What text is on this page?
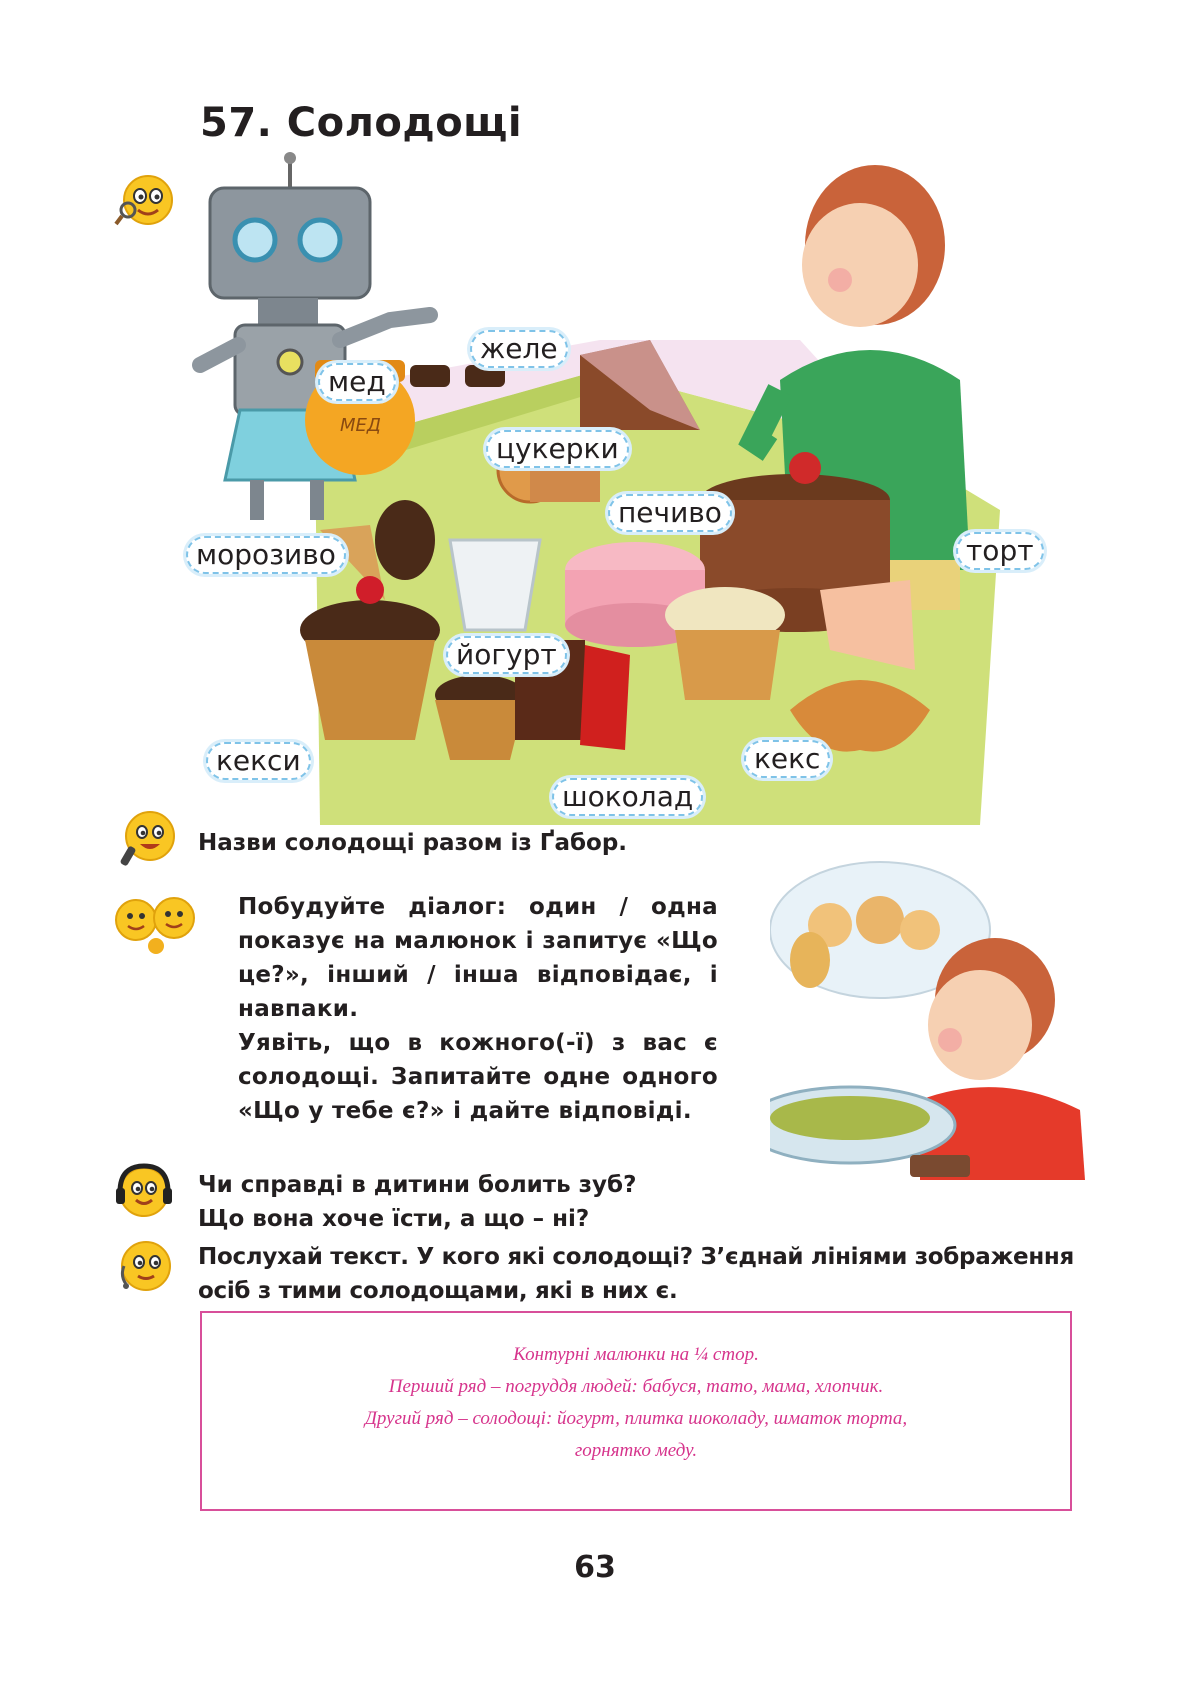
57. Солодощі
МЕД
желе
мед
цукерки
печиво
морозиво	торт
йогурт
кекси	кекс
шоколад
Назви солодощі разом із Ґабор.

Побудуйте діалог: один / одна показує на малюнок і запитує «Що це?», інший / інша відповідає, і навпаки.

Уявіть, що в кожного(-ї) з вас є солодощі. Запитайте одне одного «Що у тебе є?» і дайте відповіді.

Чи справді в дитини болить зуб?
Що вона хоче їсти, а що – ні?
Послухай текст. У кого які солодощі? З’єднай лініями зображення осіб з тими солодощами, які в них є.

Контурні малюнки на ¼ стор.

Перший ряд – погруддя людей: бабуся, тато, мама, хлопчик.

Другий ряд – солодощі: йогурт, плитка шоколаду, шматок торта,

горнятко меду.

63
